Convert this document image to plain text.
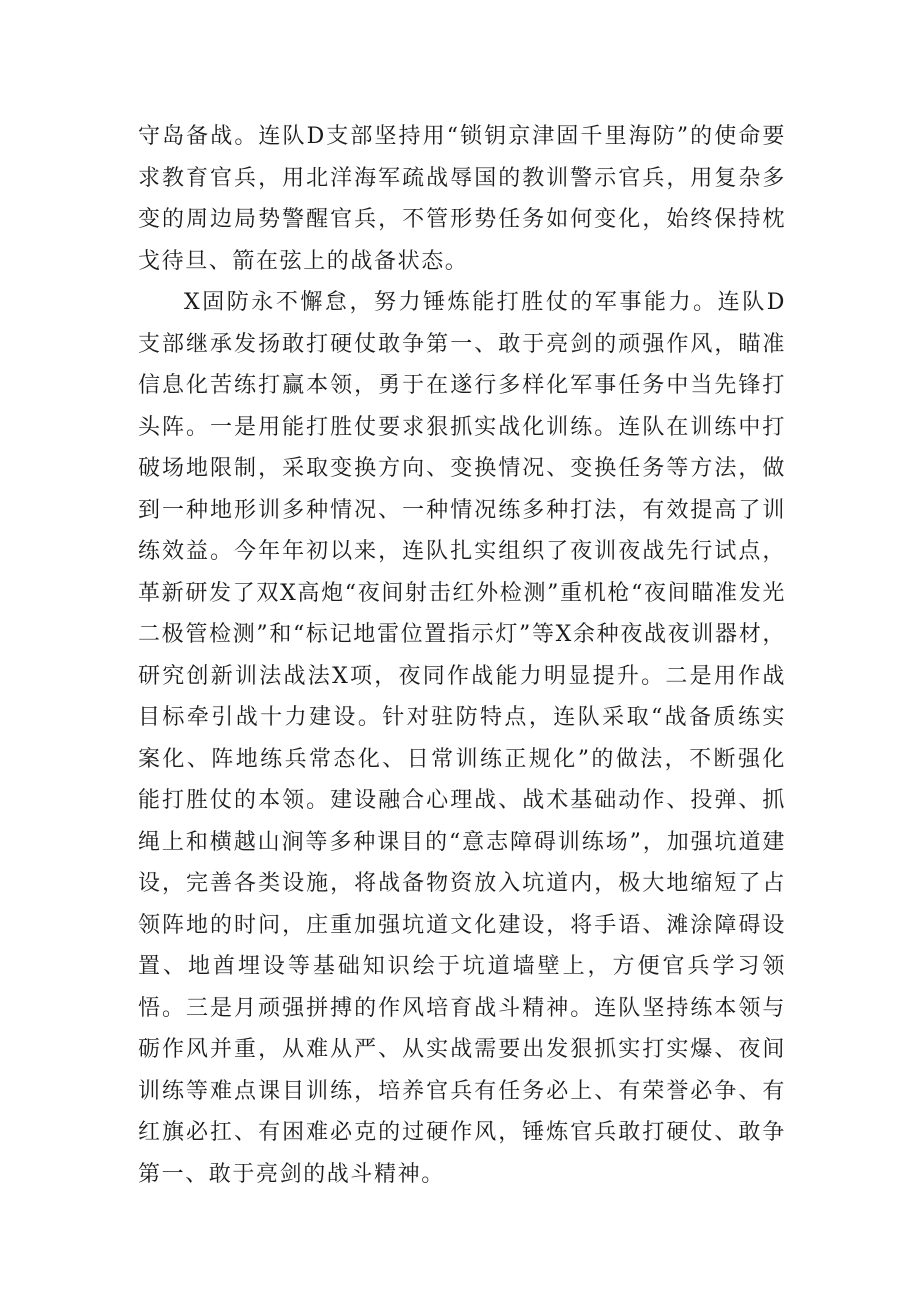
守岛备战。连队D支部坚持用“锁钥京津固千里海防”的使命要求教育官兵，用北洋海军疏战辱国的教训警示官兵，用复杂多变的周边局势警醒官兵，不管形势任务如何变化，始终保持枕戈待旦、箭在弦上的战备状态。

X固防永不懈怠，努力锤炼能打胜仗的军事能力。连队D支部继承发扬敢打硬仗敢争第一、敢于亮剑的顽强作风，瞄准信息化苦练打赢本领，勇于在遂行多样化军事任务中当先锋打头阵。一是用能打胜仗要求狠抓实战化训练。连队在训练中打破场地限制，采取变换方向、变换情况、变换任务等方法，做到一种地形训多种情况、一种情况练多种打法，有效提高了训练效益。今年年初以来，连队扎实组织了夜训夜战先行试点，革新研发了双X高炮“夜间射击红外检测”重机枪“夜间瞄准发光二极管检测”和“标记地雷位置指示灯”等X余种夜战夜训器材，研究创新训法战法X项，夜同作战能力明显提升。二是用作战目标牵引战十力建设。针对驻防特点，连队采取“战备质练实案化、阵地练兵常态化、日常训练正规化”的做法，不断强化能打胜仗的本领。建设融合心理战、战术基础动作、投弹、抓绳上和横越山涧等多种课目的“意志障碍训练场”，加强坑道建设，完善各类设施，将战备物资放入坑道内，极大地缩短了占领阵地的时问，庄重加强坑道文化建设，将手语、滩涂障碍设置、地酋埋设等基础知识绘于坑道墙壁上，方便官兵学习领悟。三是月顽强拼搏的作风培育战斗精神。连队坚持练本领与砺作风并重，从难从严、从实战需要出发狠抓实打实爆、夜间训练等难点课目训练，培养官兵有任务必上、有荣誉必争、有红旗必扛、有困难必克的过硬作风，锤炼官兵敢打硬仗、敢争第一、敢于亮剑的战斗精神。
